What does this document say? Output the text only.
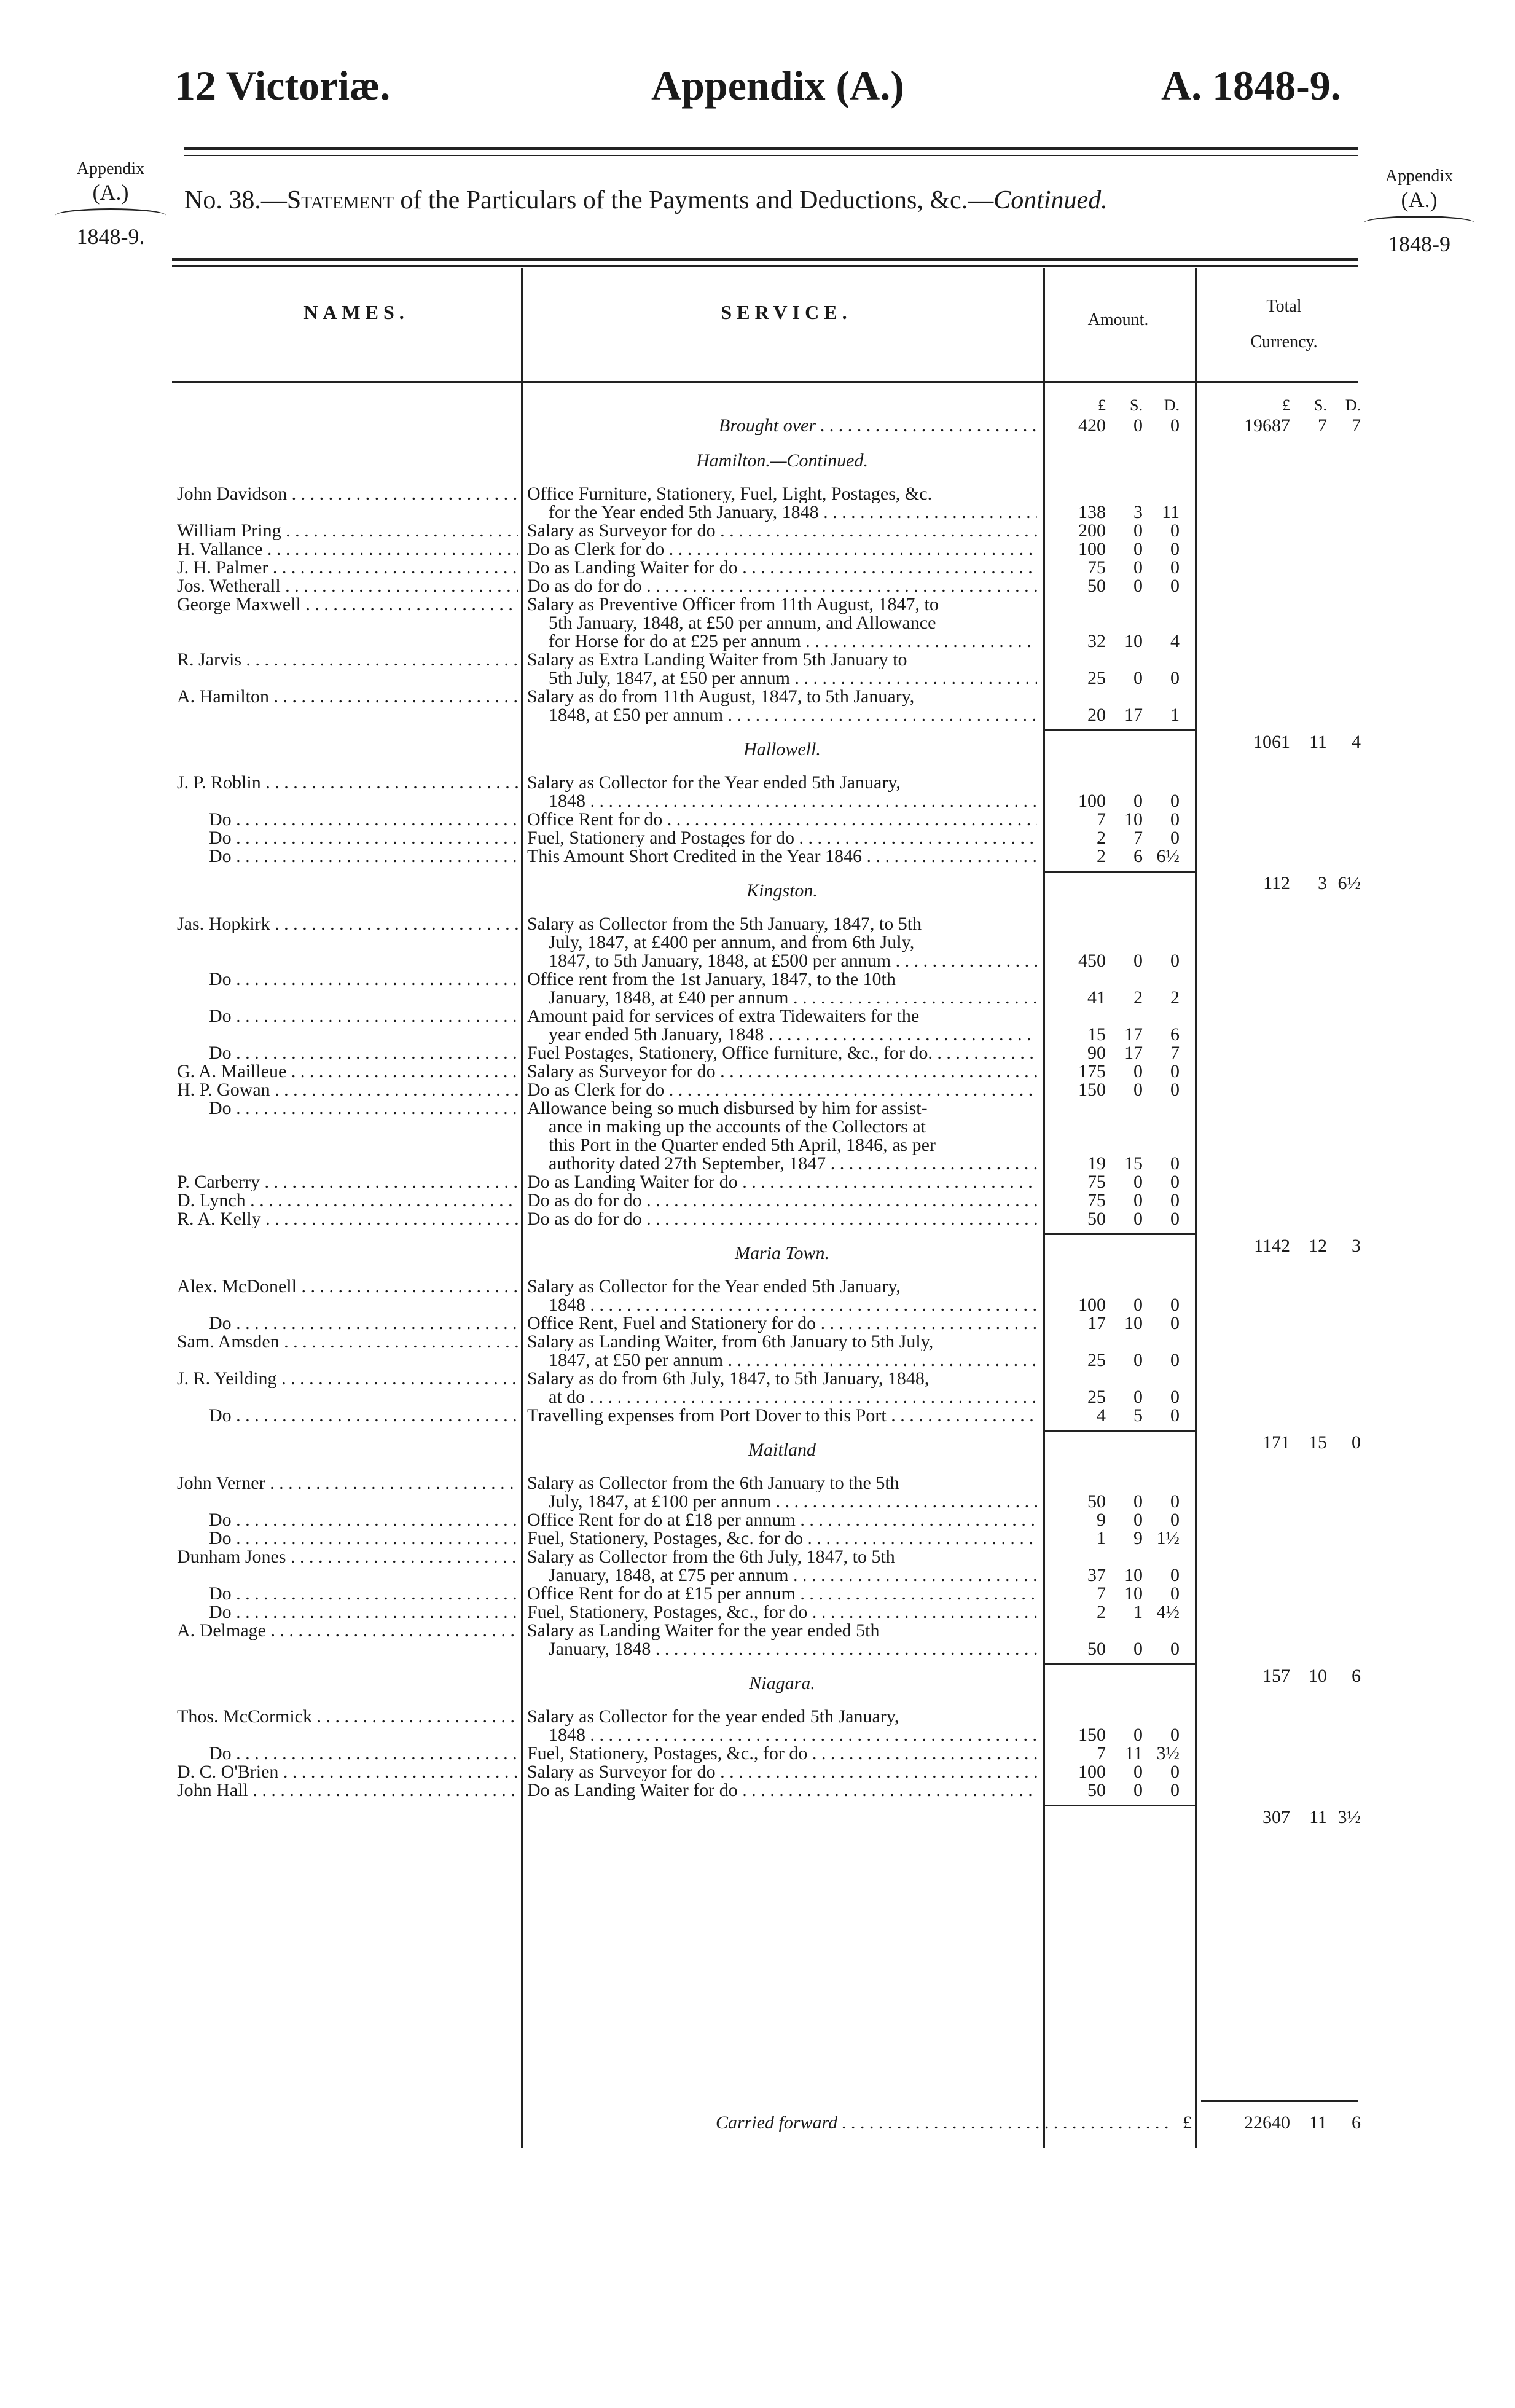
12 Victoriæ.	Appendix (A.)	A. 1848-9.
Appendix
(A.)
1848-9.
Appendix
(A.)
1848-9
No. 38.—Statement of the Particulars of the Payments and Deductions, &c.—Continued.
NAMES.	SERVICE.	Amount.
Total
Currency.
£	S.	D.	£	S.	D.
Brought over . . .	420	0	0	19687	7	7
Hamilton.—Continued.
John Davidson . . .	Office Furniture, Stationery, Fuel, Light, Postages, &c.
for the Year ended 5th January, 1848 . . .	138	3	11
William Pring . . .	Salary as Surveyor for do . . .	200	0	0
H. Vallance . . .	Do as Clerk for do . . .	100	0	0
J. H. Palmer . . .	Do as Landing Waiter for do . . .	75	0	0
Jos. Wetherall . . .	Do as do for do . . .	50	0	0
George Maxwell . . .	Salary as Preventive Officer from 11th August, 1847, to
5th January, 1848, at £50 per annum, and Allowance
for Horse for do at £25 per annum . . .	32	10	4
R. Jarvis . . .	Salary as Extra Landing Waiter from 5th January to
5th July, 1847, at £50 per annum . . .	25	0	0
A. Hamilton . . .	Salary as do from 11th August, 1847, to 5th January,
1848, at £50 per annum . . .	20	17	1
1061	11	4
Hallowell.
J. P. Roblin . . .	Salary as Collector for the Year ended 5th January,
1848 . . .	100	0	0
Do . . .	Office Rent for do . . .	7	10	0
Do . . .	Fuel, Stationery and Postages for do . . .	2	7	0
Do . . .	This Amount Short Credited in the Year 1846 . . .	2	6 6½
112	3 6½
Kingston.
Jas. Hopkirk . . .	Salary as Collector from the 5th January, 1847, to 5th
July, 1847, at £400 per annum, and from 6th July,
1847, to 5th January, 1848, at £500 per annum . . .	450	0	0
Do . . .	Office rent from the 1st January, 1847, to the 10th
January, 1848, at £40 per annum . . .	41	2	2
Do . . .	Amount paid for services of extra Tidewaiters for the
year ended 5th January, 1848 . . .	15	17	6
Do . . .	Fuel Postages, Stationery, Office furniture, &c., for do. . . .	90	17	7
G. A. Mailleue . . .	Salary as Surveyor for do . . .	175	0	0
H. P. Gowan . . .	Do as Clerk for do . . .	150	0	0
Do . . .	Allowance being so much disbursed by him for assist-
ance in making up the accounts of the Collectors at
this Port in the Quarter ended 5th April, 1846, as per
authority dated 27th September, 1847 . . .	19	15	0
P. Carberry . . .	Do as Landing Waiter for do . . .	75	0	0
D. Lynch . . .	Do as do for do . . .	75	0	0
R. A. Kelly . . .	Do as do for do . . .	50	0	0
1142	12	3
Maria Town.
Alex. McDonell . . .	Salary as Collector for the Year ended 5th January,
1848 . . .	100	0	0
Do . . .	Office Rent, Fuel and Stationery for do . . .	17	10	0
Sam. Amsden . . .	Salary as Landing Waiter, from 6th January to 5th July,
1847, at £50 per annum . . .	25	0	0
J. R. Yeilding . . .	Salary as do from 6th July, 1847, to 5th January, 1848,
at do . . .	25	0	0
Do . . .	Travelling expenses from Port Dover to this Port . . .	4	5	0
171	15	0
Maitland
John Verner . . .	Salary as Collector from the 6th January to the 5th
July, 1847, at £100 per annum . . .	50	0	0
Do . . .	Office Rent for do at £18 per annum . . .	9	0	0
Do . . .	Fuel, Stationery, Postages, &c. for do . . .	1	9 1½
Dunham Jones . . .	Salary as Collector from the 6th July, 1847, to 5th
January, 1848, at £75 per annum . . .	37	10	0
Do . . .	Office Rent for do at £15 per annum . . .	7	10	0
Do . . .	Fuel, Stationery, Postages, &c., for do . . .	2	1 4½
A. Delmage . . .	Salary as Landing Waiter for the year ended 5th
January, 1848 . . .	50	0	0
157	10	6
Niagara.
Thos. McCormick . . .	Salary as Collector for the year ended 5th January,
1848 . . .	150	0	0
Do . . .	Fuel, Stationery, Postages, &c., for do . . .	7	11 3½
D. C. O'Brien . . .	Salary as Surveyor for do . . .	100	0	0
John Hall . . .	Do as Landing Waiter for do . . .	50	0	0
307	11 3½
Carried forward . . .	£	22640	11	6
